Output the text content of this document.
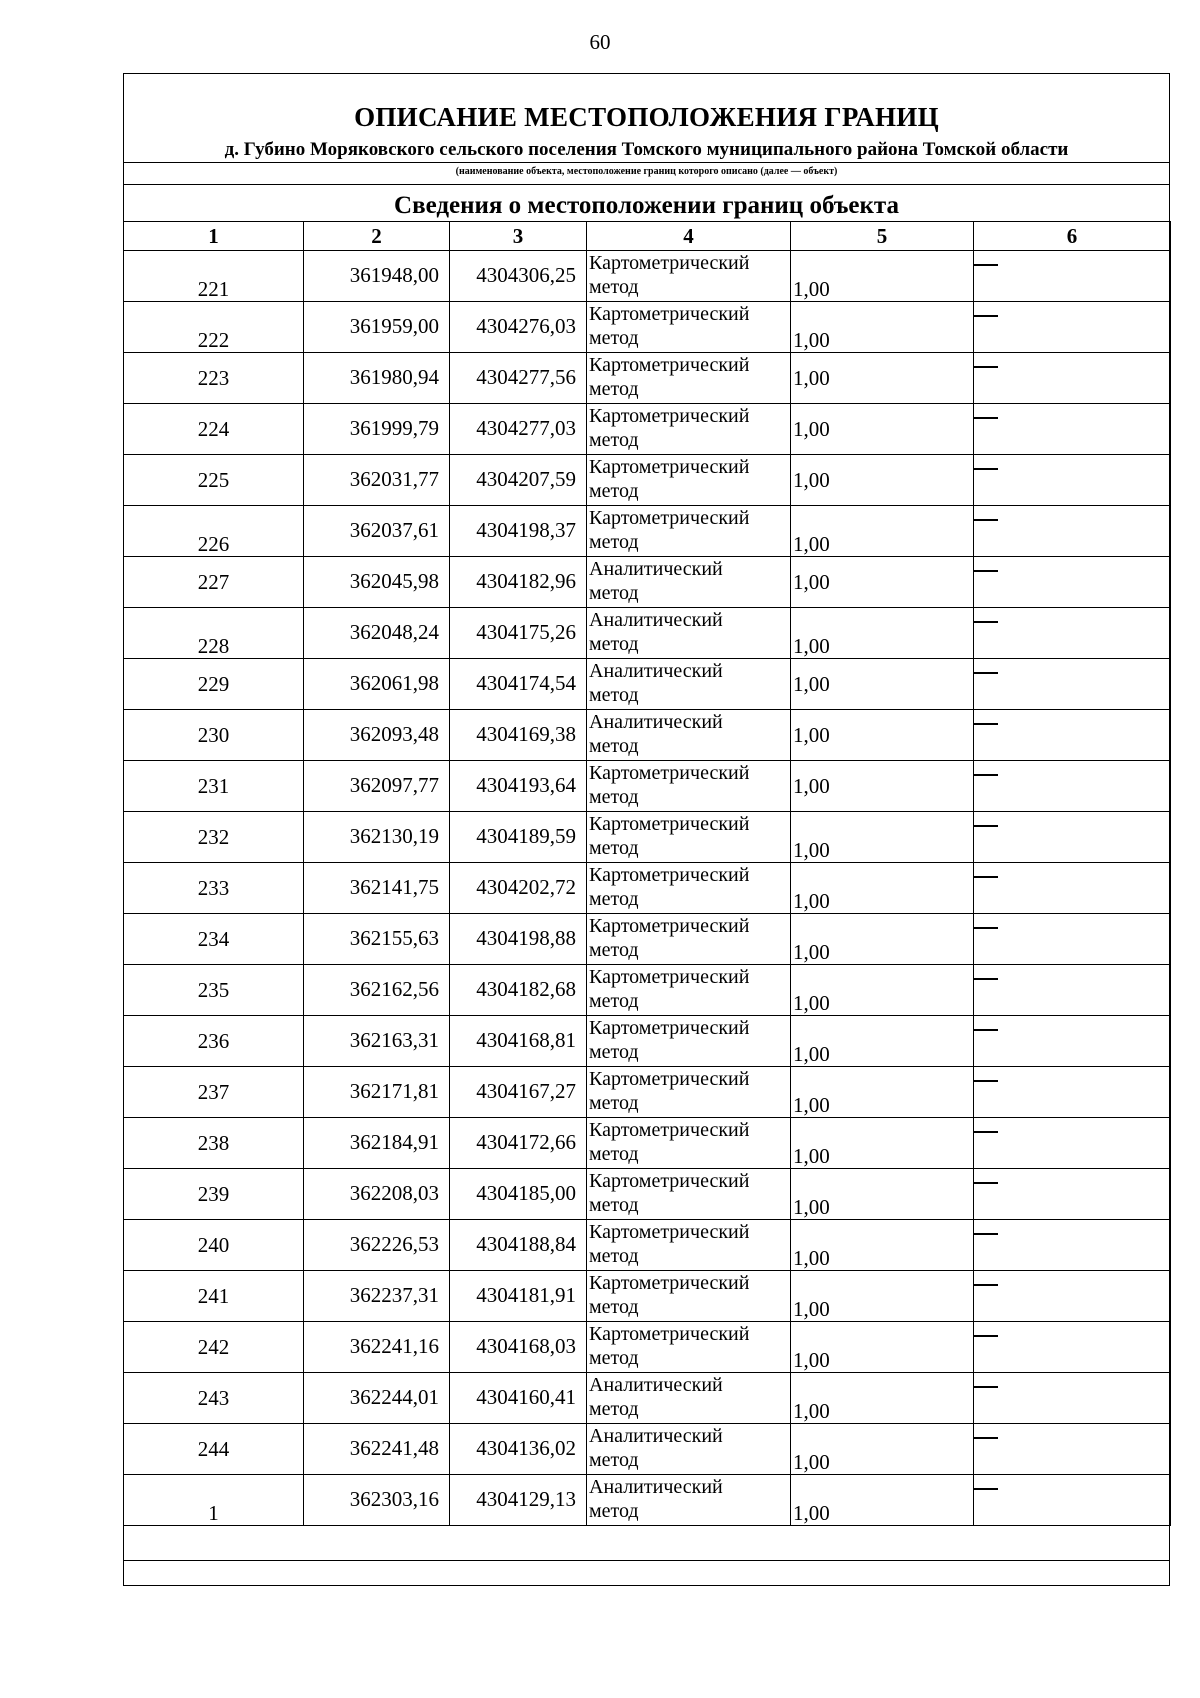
60
ОПИСАНИЕ МЕСТОПОЛОЖЕНИЯ ГРАНИЦ
д. Губино Моряковского сельского поселения Томского муниципального района Томской области
(наименование объекта, местоположение границ которого описано (далее — объект)
Сведения о местоположении границ объекта
1	2	3	4	5	6

221	361948,00	4304306,25	Картометрический
метод	1,00	

222	361959,00	4304276,03	Картометрический
метод	1,00	

223	361980,94	4304277,56	Картометрический
метод	1,00	

224	361999,79	4304277,03	Картометрический
метод	1,00	

225	362031,77	4304207,59	Картометрический
метод	1,00	

226	362037,61	4304198,37	Картометрический
метод	1,00	

227	362045,98	4304182,96	Аналитический
метод	1,00	

228	362048,24	4304175,26	Аналитический
метод	1,00	

229	362061,98	4304174,54	Аналитический
метод	1,00	

230	362093,48	4304169,38	Аналитический
метод	1,00	

231	362097,77	4304193,64	Картометрический
метод	1,00	

232	362130,19	4304189,59	Картометрический
метод	1,00	

233	362141,75	4304202,72	Картометрический
метод	1,00	

234	362155,63	4304198,88	Картометрический
метод	1,00	

235	362162,56	4304182,68	Картометрический
метод	1,00	

236	362163,31	4304168,81	Картометрический
метод	1,00	

237	362171,81	4304167,27	Картометрический
метод	1,00	

238	362184,91	4304172,66	Картометрический
метод	1,00	

239	362208,03	4304185,00	Картометрический
метод	1,00	

240	362226,53	4304188,84	Картометрический
метод	1,00	

241	362237,31	4304181,91	Картометрический
метод	1,00	

242	362241,16	4304168,03	Картометрический
метод	1,00	

243	362244,01	4304160,41	Аналитический
метод	1,00	

244	362241,48	4304136,02	Аналитический
метод	1,00	

1	362303,16	4304129,13	Аналитический
метод	1,00	
